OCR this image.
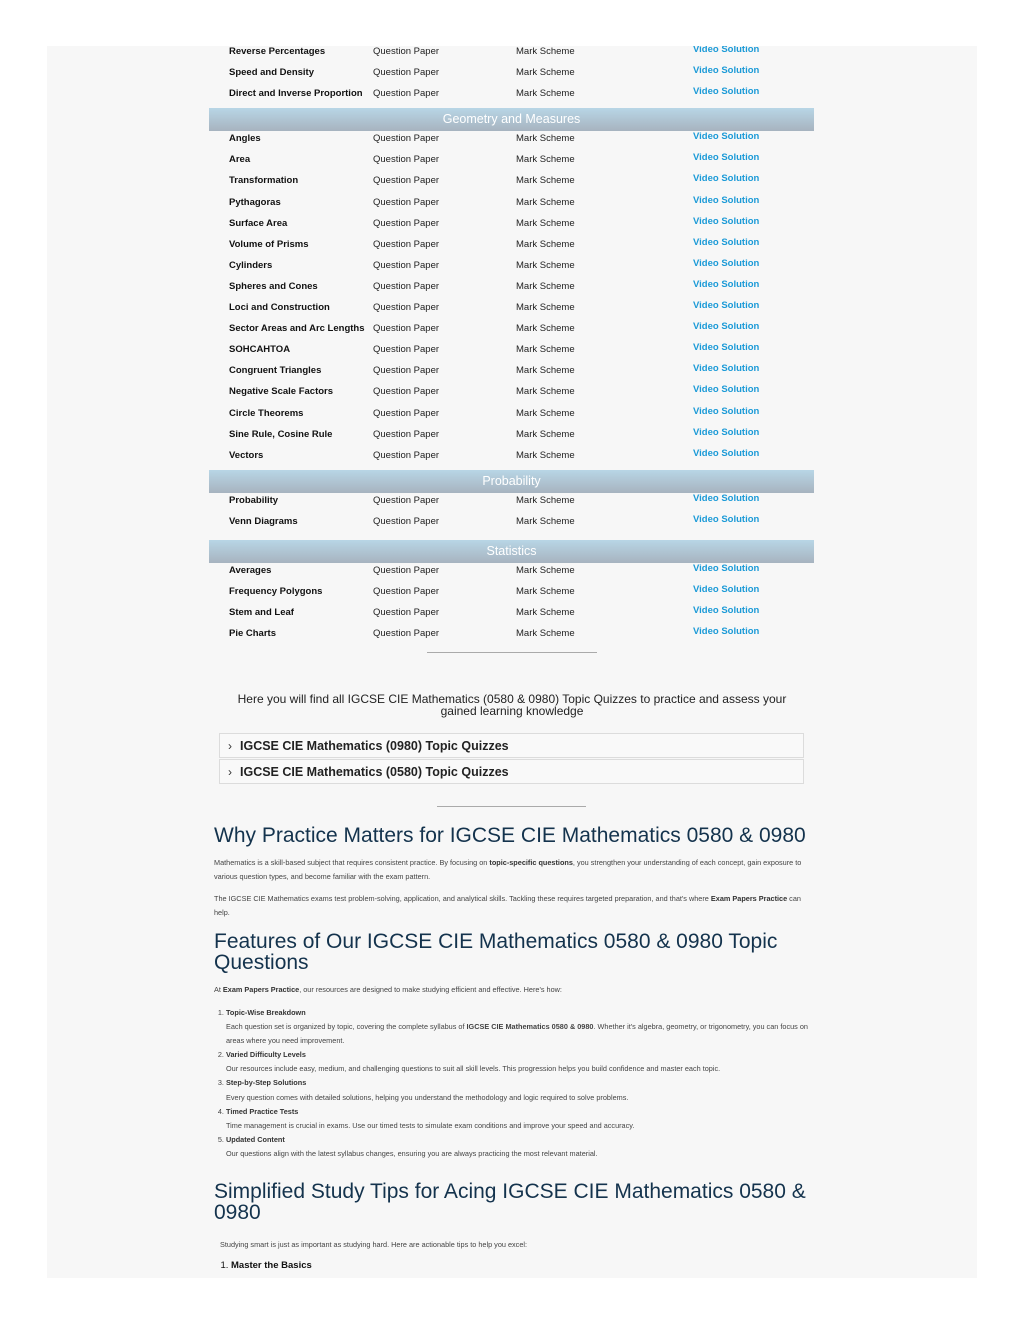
Reverse Percentages	Question Paper	Mark Scheme	Video Solution
Speed and Density	Question Paper	Mark Scheme	Video Solution
Direct and Inverse Proportion Question Paper	Mark Scheme	Video Solution
Geometry and Measures
Angles	Question Paper	Mark Scheme	Video Solution
Area	Question Paper	Mark Scheme	Video Solution
Transformation	Question Paper	Mark Scheme	Video Solution
Pythagoras	Question Paper	Mark Scheme	Video Solution
Surface Area	Question Paper	Mark Scheme	Video Solution
Volume of Prisms	Question Paper	Mark Scheme	Video Solution
Cylinders	Question Paper	Mark Scheme	Video Solution
Spheres and Cones	Question Paper	Mark Scheme	Video Solution
Loci and Construction	Question Paper	Mark Scheme	Video Solution
Sector Areas and Arc Lengths Question Paper	Mark Scheme	Video Solution
SOHCAHTOA	Question Paper	Mark Scheme	Video Solution
Congruent Triangles	Question Paper	Mark Scheme	Video Solution
Negative Scale Factors	Question Paper	Mark Scheme	Video Solution
Circle Theorems	Question Paper	Mark Scheme	Video Solution
Sine Rule, Cosine Rule	Question Paper	Mark Scheme	Video Solution
Vectors	Question Paper	Mark Scheme	Video Solution
Probability
Probability	Question Paper	Mark Scheme	Video Solution
Venn Diagrams	Question Paper	Mark Scheme	Video Solution
Statistics
Averages	Question Paper	Mark Scheme	Video Solution
Frequency Polygons	Question Paper	Mark Scheme	Video Solution
Stem and Leaf	Question Paper	Mark Scheme	Video Solution
Pie Charts	Question Paper	Mark Scheme	Video Solution
Here you will find all IGCSE CIE Mathematics (0580 & 0980) Topic Quizzes to practice and assess your gained learning knowledge
› IGCSE CIE Mathematics (0980) Topic Quizzes
› IGCSE CIE Mathematics (0580) Topic Quizzes
Why Practice Matters for IGCSE CIE Mathematics 0580 & 0980

Mathematics is a skill-based subject that requires consistent practice. By focusing on topic-specific questions, you strengthen your understanding of each concept, gain exposure to various question types, and become familiar with the exam pattern.

The IGCSE CIE Mathematics exams test problem-solving, application, and analytical skills. Tackling these requires targeted preparation, and that's where Exam Papers Practice can help.

Features of Our IGCSE CIE Mathematics 0580 & 0980 Topic Questions

At Exam Papers Practice, our resources are designed to make studying efficient and effective. Here's how:

1. Topic-Wise Breakdown
Each question set is organized by topic, covering the complete syllabus of IGCSE CIE Mathematics 0580 & 0980. Whether it's algebra, geometry, or trigonometry, you can focus on areas where you need improvement.
2. Varied Difficulty Levels
Our resources include easy, medium, and challenging questions to suit all skill levels. This progression helps you build confidence and master each topic.
3. Step-by-Step Solutions
Every question comes with detailed solutions, helping you understand the methodology and logic required to solve problems.
4. Timed Practice Tests
Time management is crucial in exams. Use our timed tests to simulate exam conditions and improve your speed and accuracy.
5. Updated Content
Our questions align with the latest syllabus changes, ensuring you are always practicing the most relevant material.
Simplified Study Tips for Acing IGCSE CIE Mathematics 0580 & 0980

Studying smart is just as important as studying hard. Here are actionable tips to help you excel:

1. Master the Basics
